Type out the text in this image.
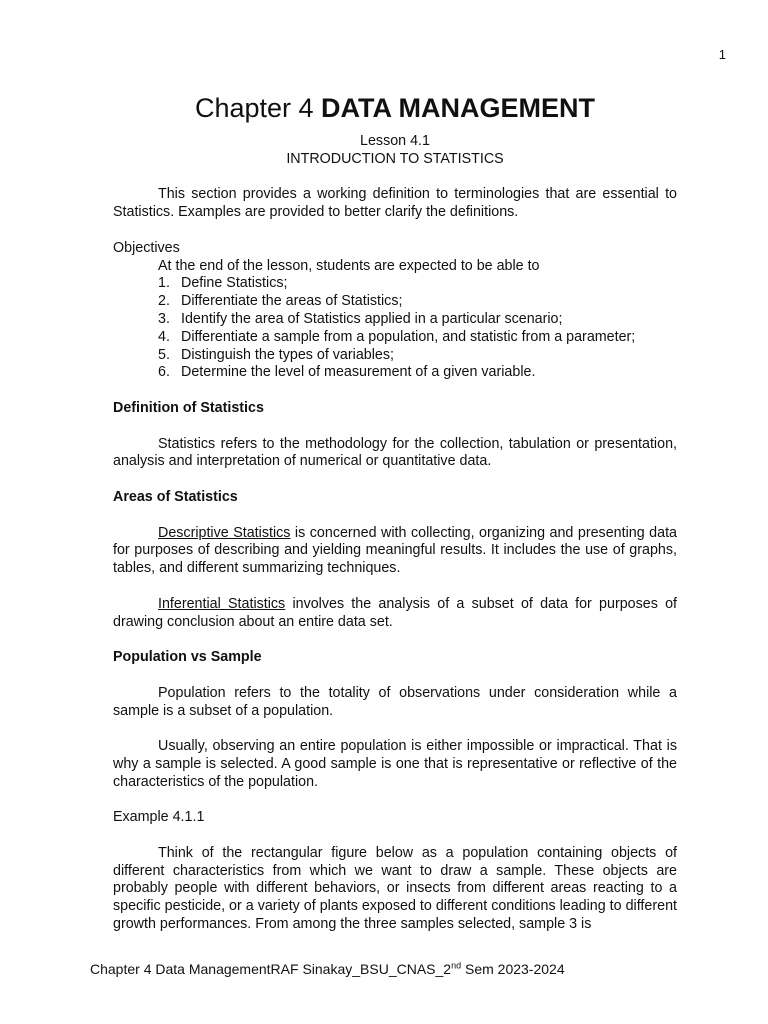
1
Chapter 4 DATA MANAGEMENT
Lesson 4.1
INTRODUCTION TO STATISTICS

This section provides a working definition to terminologies that are essential to Statistics. Examples are provided to better clarify the definitions.

Objectives
At the end of the lesson, students are expected to be able to
1. Define Statistics;
2. Differentiate the areas of Statistics;
3. Identify the area of Statistics applied in a particular scenario;
4. Differentiate a sample from a population, and statistic from a parameter;
5. Distinguish the types of variables;
6. Determine the level of measurement of a given variable.
Definition of Statistics

Statistics refers to the methodology for the collection, tabulation or presentation, analysis and interpretation of numerical or quantitative data.

Areas of Statistics

Descriptive Statistics is concerned with collecting, organizing and presenting data for purposes of describing and yielding meaningful results. It includes the use of graphs, tables, and different summarizing techniques.

Inferential Statistics involves the analysis of a subset of data for purposes of drawing conclusion about an entire data set.

Population vs Sample

Population refers to the totality of observations under consideration while a sample is a subset of a population.

Usually, observing an entire population is either impossible or impractical. That is why a sample is selected. A good sample is one that is representative or reflective of the characteristics of the population.

Example 4.1.1

Think of the rectangular figure below as a population containing objects of different characteristics from which we want to draw a sample. These objects are probably people with different behaviors, or insects from different areas reacting to a specific pesticide, or a variety of plants exposed to different conditions leading to different growth performances. From among the three samples selected, sample 3 is

Chapter 4 Data ManagementRAF Sinakay_BSU_CNAS_2nd Sem 2023-2024
